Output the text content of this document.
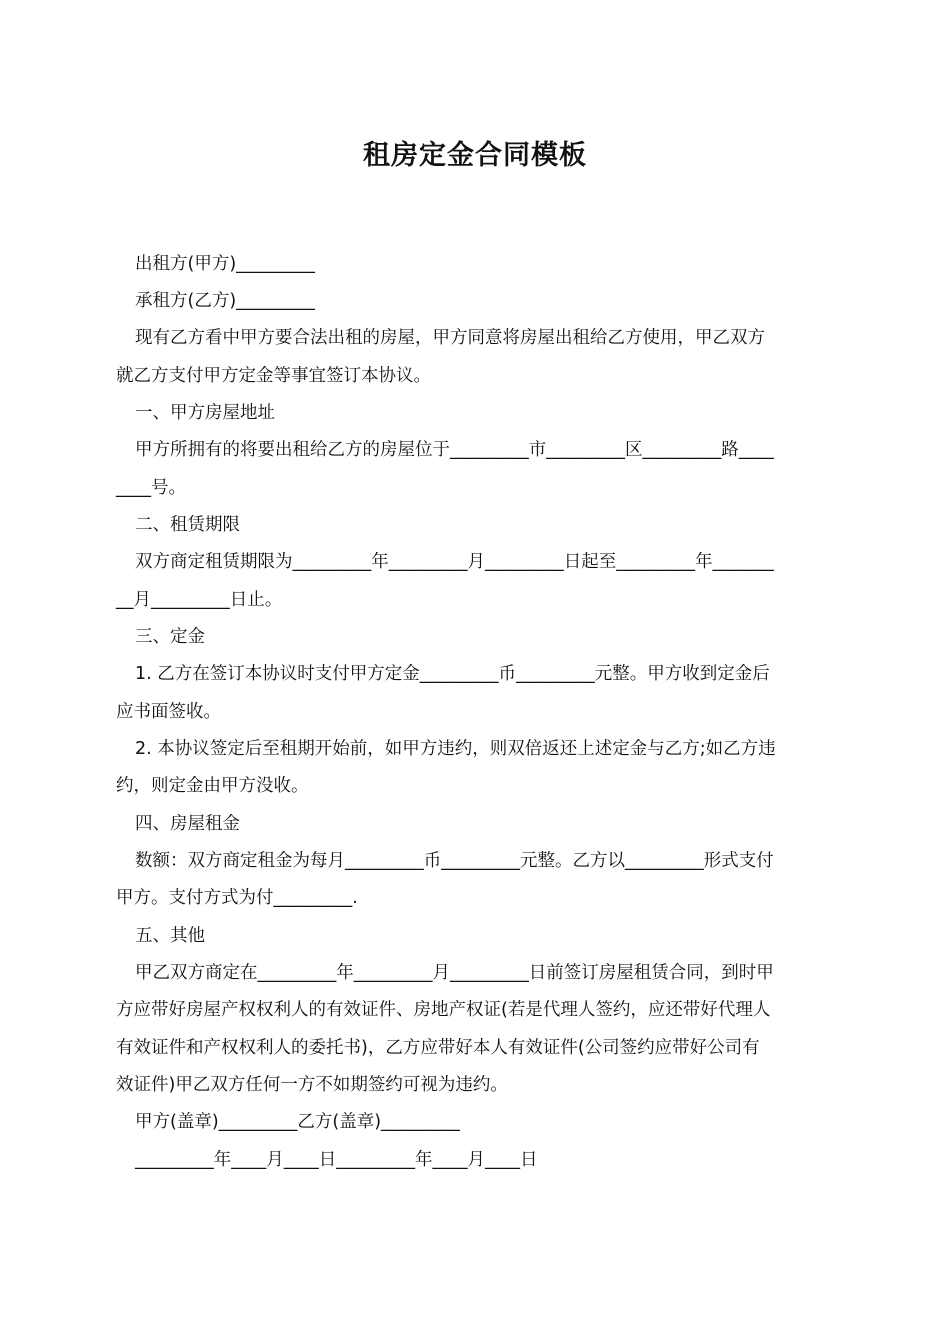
租房定金合同模板
出租方(甲方)_________
承租方(乙方)_________
现有乙方看中甲方要合法出租的房屋，甲方同意将房屋出租给乙方使用，甲乙双方
就乙方支付甲方定金等事宜签订本协议。
一、甲方房屋地址
甲方所拥有的将要出租给乙方的房屋位于_________市_________区_________路____
____号。
二、租赁期限
双方商定租赁期限为_________年_________月_________日起至_________年_______
__月_________日止。
三、定金
1. 乙方在签订本协议时支付甲方定金_________币_________元整。甲方收到定金后
应书面签收。
2. 本协议签定后至租期开始前，如甲方违约，则双倍返还上述定金与乙方;如乙方违
约，则定金由甲方没收。
四、房屋租金
数额：双方商定租金为每月_________币_________元整。乙方以_________形式支付
甲方。支付方式为付_________.
五、其他
甲乙双方商定在_________年_________月_________日前签订房屋租赁合同，到时甲
方应带好房屋产权权利人的有效证件、房地产权证(若是代理人签约，应还带好代理人
有效证件和产权权利人的委托书)，乙方应带好本人有效证件(公司签约应带好公司有
效证件)甲乙双方任何一方不如期签约可视为违约。
甲方(盖章)_________乙方(盖章)_________
_________年____月____日_________年____月____日
